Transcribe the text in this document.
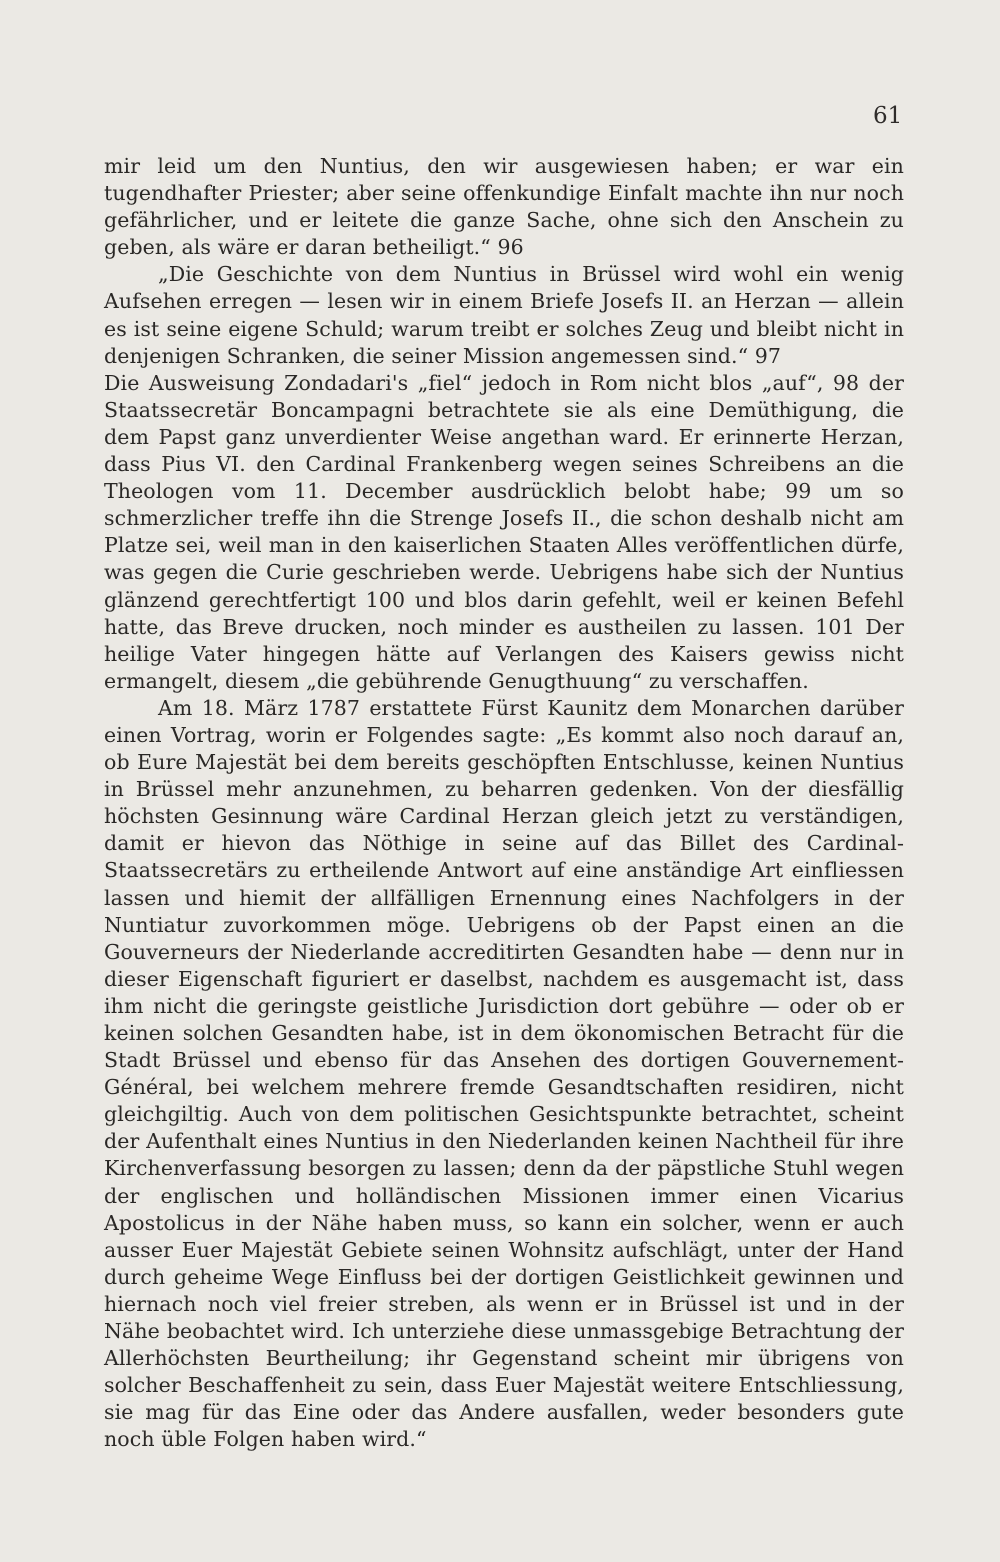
61

mir leid um den Nuntius, den wir ausgewiesen haben; er war ein tugendhafter Priester; aber seine offenkundige Einfalt machte ihn nur noch gefährlicher, und er leitete die ganze Sache, ohne sich den Anschein zu geben, als wäre er daran betheiligt.“ 96

„Die Geschichte von dem Nuntius in Brüssel wird wohl ein wenig Aufsehen erregen — lesen wir in einem Briefe Josefs II. an Herzan — allein es ist seine eigene Schuld; warum treibt er solches Zeug und bleibt nicht in denjenigen Schranken, die seiner Mission angemessen sind.“ 97

Die Ausweisung Zondadari's „fiel“ jedoch in Rom nicht blos „auf“, 98 der Staatssecretär Boncampagni betrachtete sie als eine Demüthigung, die dem Papst ganz unverdienter Weise angethan ward. Er erinnerte Herzan, dass Pius VI. den Cardinal Frankenberg wegen seines Schreibens an die Theologen vom 11. December ausdrücklich belobt habe; 99 um so schmerzlicher treffe ihn die Strenge Josefs II., die schon deshalb nicht am Platze sei, weil man in den kaiserlichen Staaten Alles veröffentlichen dürfe, was gegen die Curie geschrieben werde. Uebrigens habe sich der Nuntius glänzend gerechtfertigt 100 und blos darin gefehlt, weil er keinen Befehl hatte, das Breve drucken, noch minder es austheilen zu lassen. 101 Der heilige Vater hingegen hätte auf Verlangen des Kaisers gewiss nicht ermangelt, diesem „die gebührende Genugthuung“ zu verschaffen.

Am 18. März 1787 erstattete Fürst Kaunitz dem Monarchen darüber einen Vortrag, worin er Folgendes sagte: „Es kommt also noch darauf an, ob Eure Majestät bei dem bereits geschöpften Entschlusse, keinen Nuntius in Brüssel mehr anzunehmen, zu beharren gedenken. Von der diesfällig höchsten Gesinnung wäre Cardinal Herzan gleich jetzt zu verständigen, damit er hievon das Nöthige in seine auf das Billet des Cardinal-Staatssecretärs zu ertheilende Antwort auf eine anständige Art einfliessen lassen und hiemit der allfälligen Ernennung eines Nachfolgers in der Nuntiatur zuvorkommen möge. Uebrigens ob der Papst einen an die Gouverneurs der Niederlande accreditirten Gesandten habe — denn nur in dieser Eigenschaft figuriert er daselbst, nachdem es ausgemacht ist, dass ihm nicht die geringste geistliche Jurisdiction dort gebühre — oder ob er keinen solchen Gesandten habe, ist in dem ökonomischen Betracht für die Stadt Brüssel und ebenso für das Ansehen des dortigen Gouvernement-Général, bei welchem mehrere fremde Gesandtschaften residiren, nicht gleichgiltig. Auch von dem politischen Gesichtspunkte betrachtet, scheint der Aufenthalt eines Nuntius in den Niederlanden keinen Nachtheil für ihre Kirchenverfassung besorgen zu lassen; denn da der päpstliche Stuhl wegen der englischen und holländischen Missionen immer einen Vicarius Apostolicus in der Nähe haben muss, so kann ein solcher, wenn er auch ausser Euer Majestät Gebiete seinen Wohnsitz aufschlägt, unter der Hand durch geheime Wege Einfluss bei der dortigen Geistlichkeit gewinnen und hiernach noch viel freier streben, als wenn er in Brüssel ist und in der Nähe beobachtet wird. Ich unterziehe diese unmassgebige Betrachtung der Allerhöchsten Beurtheilung; ihr Gegenstand scheint mir übrigens von solcher Beschaffenheit zu sein, dass Euer Majestät weitere Entschliessung, sie mag für das Eine oder das Andere ausfallen, weder besonders gute noch üble Folgen haben wird.“
